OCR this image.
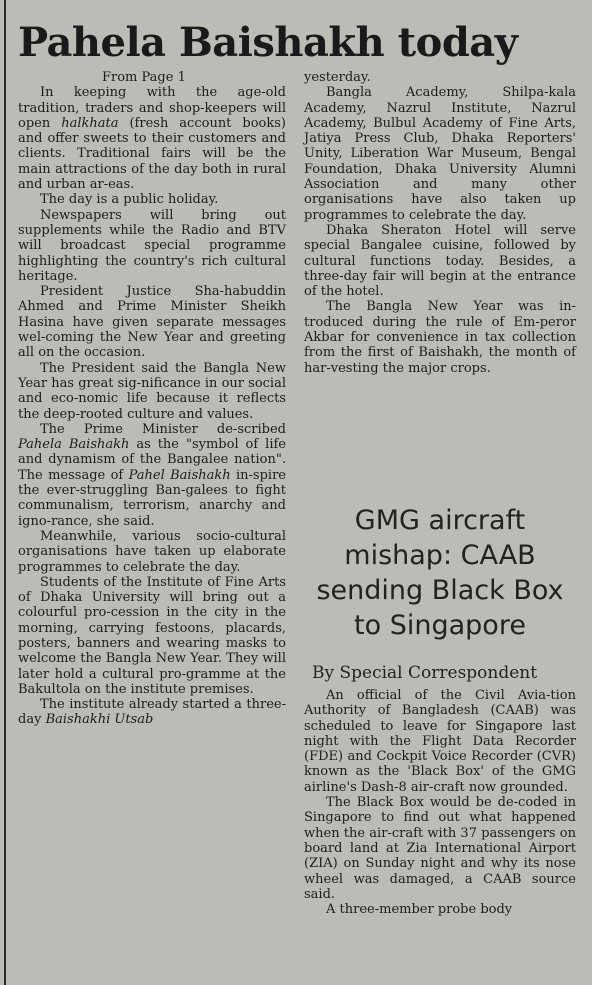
Pahela Baishakh today

From Page 1

In keeping with the age-old tradition, traders and shop-keepers will open halkhata (fresh account books) and offer sweets to their customers and clients. Traditional fairs will be the main attractions of the day both in rural and urban ar-eas.

The day is a public holiday.

Newspapers will bring out supplements while the Radio and BTV will broadcast special programme highlighting the country's rich cultural heritage.

President Justice Sha-habuddin Ahmed and Prime Minister Sheikh Hasina have given separate messages wel-coming the New Year and greeting all on the occasion.

The President said the Bangla New Year has great sig-nificance in our social and eco-nomic life because it reflects the deep-rooted culture and values.

The Prime Minister de-scribed Pahela Baishakh as the "symbol of life and dynamism of the Bangalee nation". The message of Pahel Baishakh in-spire the ever-struggling Ban-galees to fight communalism, terrorism, anarchy and igno-rance, she said.

Meanwhile, various socio-cultural organisations have taken up elaborate programmes to celebrate the day.

Students of the Institute of Fine Arts of Dhaka University will bring out a colourful pro-cession in the city in the morning, carrying festoons, placards, posters, banners and wearing masks to welcome the Bangla New Year. They will later hold a cultural pro-gramme at the Bakultola on the institute premises.

The institute already started a three-day Baishakhi Utsab

yesterday.

Bangla Academy, Shilpa-kala Academy, Nazrul Institute, Nazrul Academy, Bulbul Academy of Fine Arts, Jatiya Press Club, Dhaka Reporters' Unity, Liberation War Museum, Bengal Foundation, Dhaka University Alumni Association and many other organisations have also taken up programmes to celebrate the day.

Dhaka Sheraton Hotel will serve special Bangalee cuisine, followed by cultural functions today. Besides, a three-day fair will begin at the entrance of the hotel.

The Bangla New Year was in-troduced during the rule of Em-peror Akbar for convenience in tax collection from the first of Baishakh, the month of har-vesting the major crops.

GMG aircraft mishap: CAAB sending Black Box to Singapore
By Special Correspondent

An official of the Civil Avia-tion Authority of Bangladesh (CAAB) was scheduled to leave for Singapore last night with the Flight Data Recorder (FDE) and Cockpit Voice Recorder (CVR) known as the 'Black Box' of the GMG airline's Dash-8 air-craft now grounded.

The Black Box would be de-coded in Singapore to find out what happened when the air-craft with 37 passengers on board land at Zia International Airport (ZIA) on Sunday night and why its nose wheel was damaged, a CAAB source said.

A three-member probe body
